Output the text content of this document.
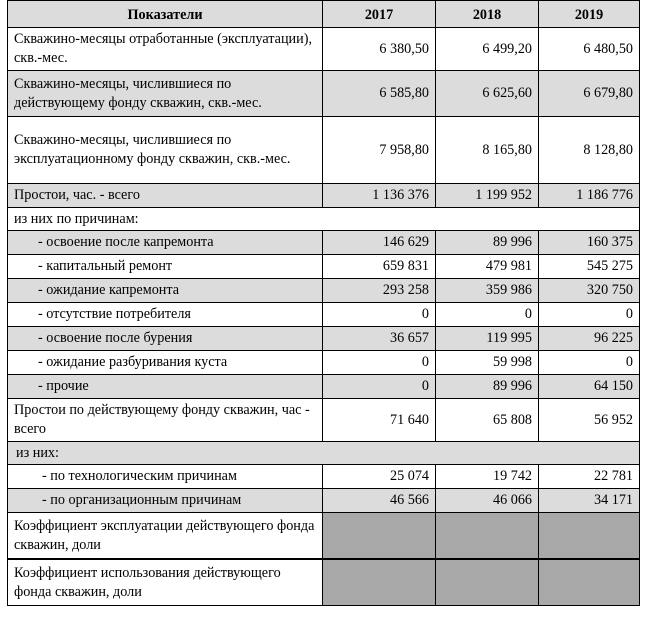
Показатели	2017	2018	2019
Скважино-месяцы отработанные (эксплуатации), скв.-мес.	6 380,50	6 499,20	6 480,50
Скважино-месяцы, числившиеся по действующему фонду скважин, скв.-мес.	6 585,80	6 625,60	6 679,80
Скважино-месяцы, числившиеся по эксплуатационному фонду скважин, скв.-мес.	7 958,80	8 165,80	8 128,80
Простои, час. - всего	1 136 376	1 199 952	1 186 776
из них по причинам:			
- освоение после капремонта	146 629	89 996	160 375
- капитальный ремонт	659 831	479 981	545 275
- ожидание капремонта	293 258	359 986	320 750
- отсутствие потребителя	0	0	0
- освоение после бурения	36 657	119 995	96 225
- ожидание разбуривания куста	0	59 998	0
- прочие	0	89 996	64 150
Простои по действующему фонду скважин, час - всего	71 640	65 808	56 952
из них:			
- по технологическим причинам	25 074	19 742	22 781
- по организационным причинам	46 566	46 066	34 171
Коэффициент эксплуатации действующего фонда скважин, доли			
Коэффициент использования действующего фонда скважин, доли			
